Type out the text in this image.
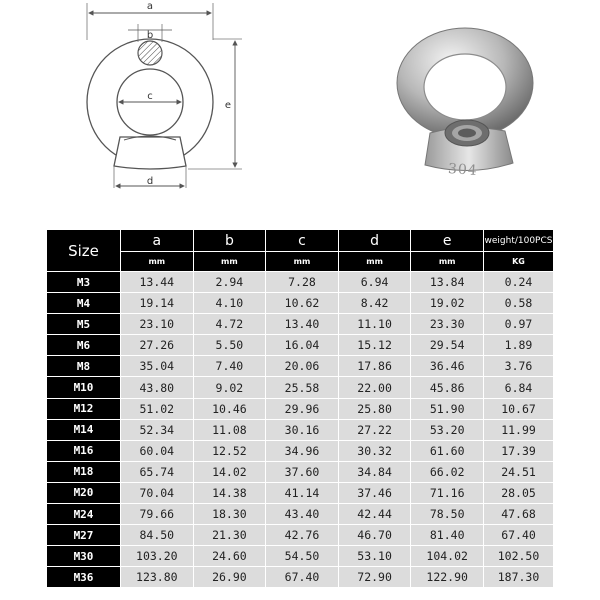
a
b
c
d
e
304
Size	a	b	c	d	e	weight/100PCS
	mm	mm	mm	mm	mm	KG
M3	13.44	2.94	7.28	6.94	13.84	0.24
M4	19.14	4.10	10.62	8.42	19.02	0.58
M5	23.10	4.72	13.40	11.10	23.30	0.97
M6	27.26	5.50	16.04	15.12	29.54	1.89
M8	35.04	7.40	20.06	17.86	36.46	3.76
M10	43.80	9.02	25.58	22.00	45.86	6.84
M12	51.02	10.46	29.96	25.80	51.90	10.67
M14	52.34	11.08	30.16	27.22	53.20	11.99
M16	60.04	12.52	34.96	30.32	61.60	17.39
M18	65.74	14.02	37.60	34.84	66.02	24.51
M20	70.04	14.38	41.14	37.46	71.16	28.05
M24	79.66	18.30	43.40	42.44	78.50	47.68
M27	84.50	21.30	42.76	46.70	81.40	67.40
M30	103.20	24.60	54.50	53.10	104.02	102.50
M36	123.80	26.90	67.40	72.90	122.90	187.30
